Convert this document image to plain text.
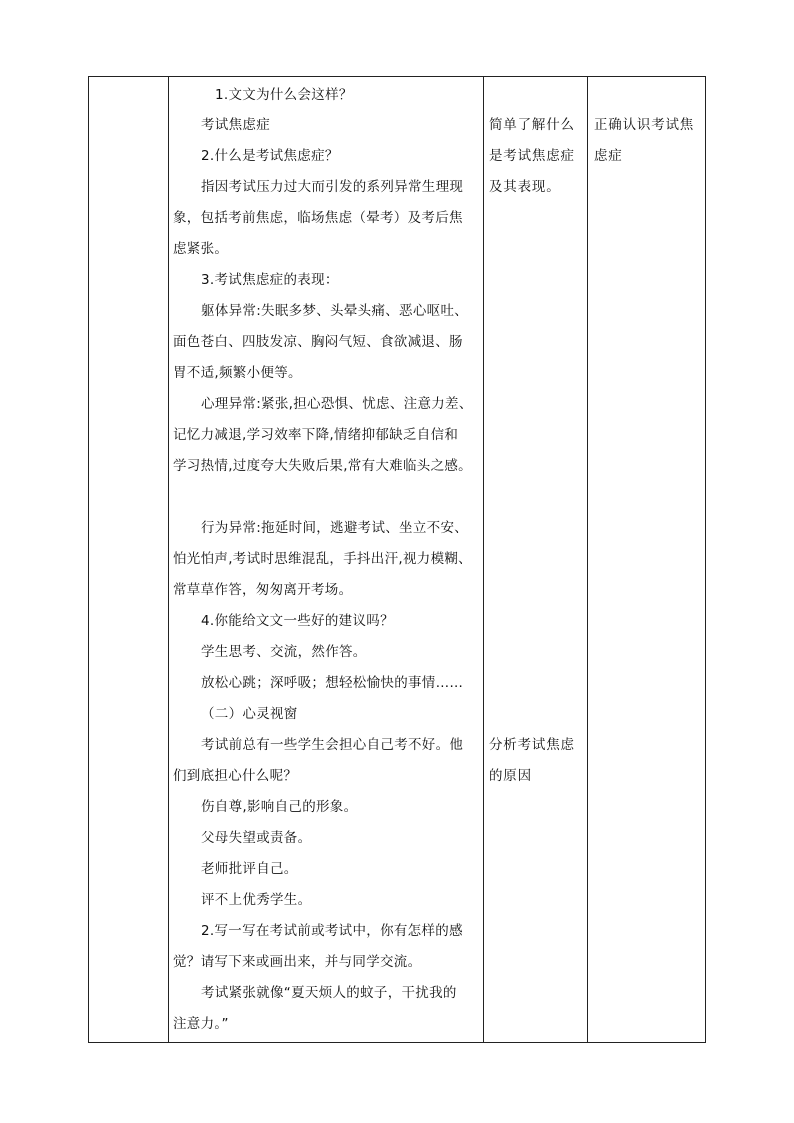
1.文文为什么会这样？
考试焦虑症
2.什么是考试焦虑症？
指因考试压力过大而引发的系列异常生理现
象，包括考前焦虑，临场焦虑（晕考）及考后焦
虑紧张。
3.考试焦虑症的表现：
躯体异常:失眠多梦、头晕头痛、恶心呕吐、
面色苍白、四肢发凉、胸闷气短、食欲减退、肠
胃不适,频繁小便等。
心理异常:紧张,担心恐惧、忧虑、注意力差、
记忆力减退,学习效率下降,情绪抑郁缺乏自信和
学习热情,过度夸大失败后果,常有大难临头之感。
行为异常:拖延时间，逃避考试、坐立不安、
怕光怕声,考试时思维混乱，手抖出汗,视力模糊、
常草草作答，匆匆离开考场。
4.你能给文文一些好的建议吗？
学生思考、交流，然作答。
放松心跳；深呼吸；想轻松愉快的事情……
（二）心灵视窗
考试前总有一些学生会担心自己考不好。他
们到底担心什么呢？
伤自尊,影响自己的形象。
父母失望或责备。
老师批评自己。
评不上优秀学生。
2.写一写在考试前或考试中，你有怎样的感
觉？请写下来或画出来，并与同学交流。
考试紧张就像“夏天烦人的蚊子，干扰我的
注意力。”
简单了解什么
是考试焦虑症
及其表现。
分析考试焦虑
的原因
正确认识考试焦
虑症
